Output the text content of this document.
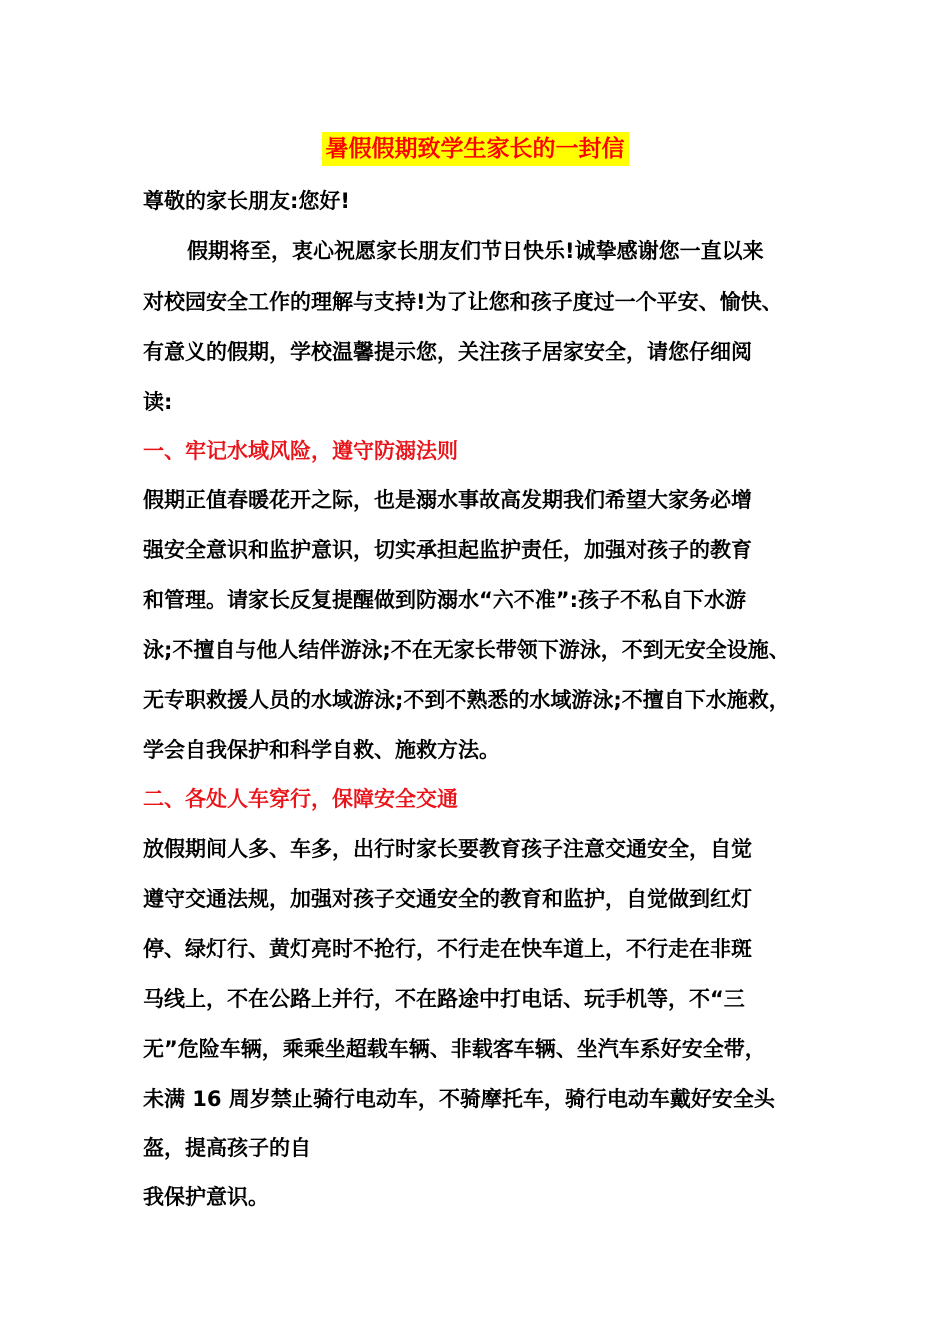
暑假假期致学生家长的一封信
尊敬的家长朋友:您好!
假期将至，衷心祝愿家长朋友们节日快乐!诚挚感谢您一直以来
对校园安全工作的理解与支持!为了让您和孩子度过一个平安、愉快、
有意义的假期，学校温馨提示您，关注孩子居家安全，请您仔细阅
读:
一、牢记水域风险，遵守防溺法则
假期正值春暖花开之际，也是溺水事故高发期我们希望大家务必增
强安全意识和监护意识，切实承担起监护责任，加强对孩子的教育
和管理。请家长反复提醒做到防溺水“六不准”:孩子不私自下水游
泳;不擅自与他人结伴游泳;不在无家长带领下游泳，不到无安全设施、
无专职救援人员的水域游泳;不到不熟悉的水域游泳;不擅自下水施救，
学会自我保护和科学自救、施救方法。
二、各处人车穿行，保障安全交通
放假期间人多、车多，出行时家长要教育孩子注意交通安全，自觉
遵守交通法规，加强对孩子交通安全的教育和监护，自觉做到红灯
停、绿灯行、黄灯亮时不抢行，不行走在快车道上，不行走在非斑
马线上，不在公路上并行，不在路途中打电话、玩手机等，不“三
无”危险车辆，乘乘坐超载车辆、非载客车辆、坐汽车系好安全带，
未满 16 周岁禁止骑行电动车，不骑摩托车，骑行电动车戴好安全头
盔，提高孩子的自
我保护意识。
